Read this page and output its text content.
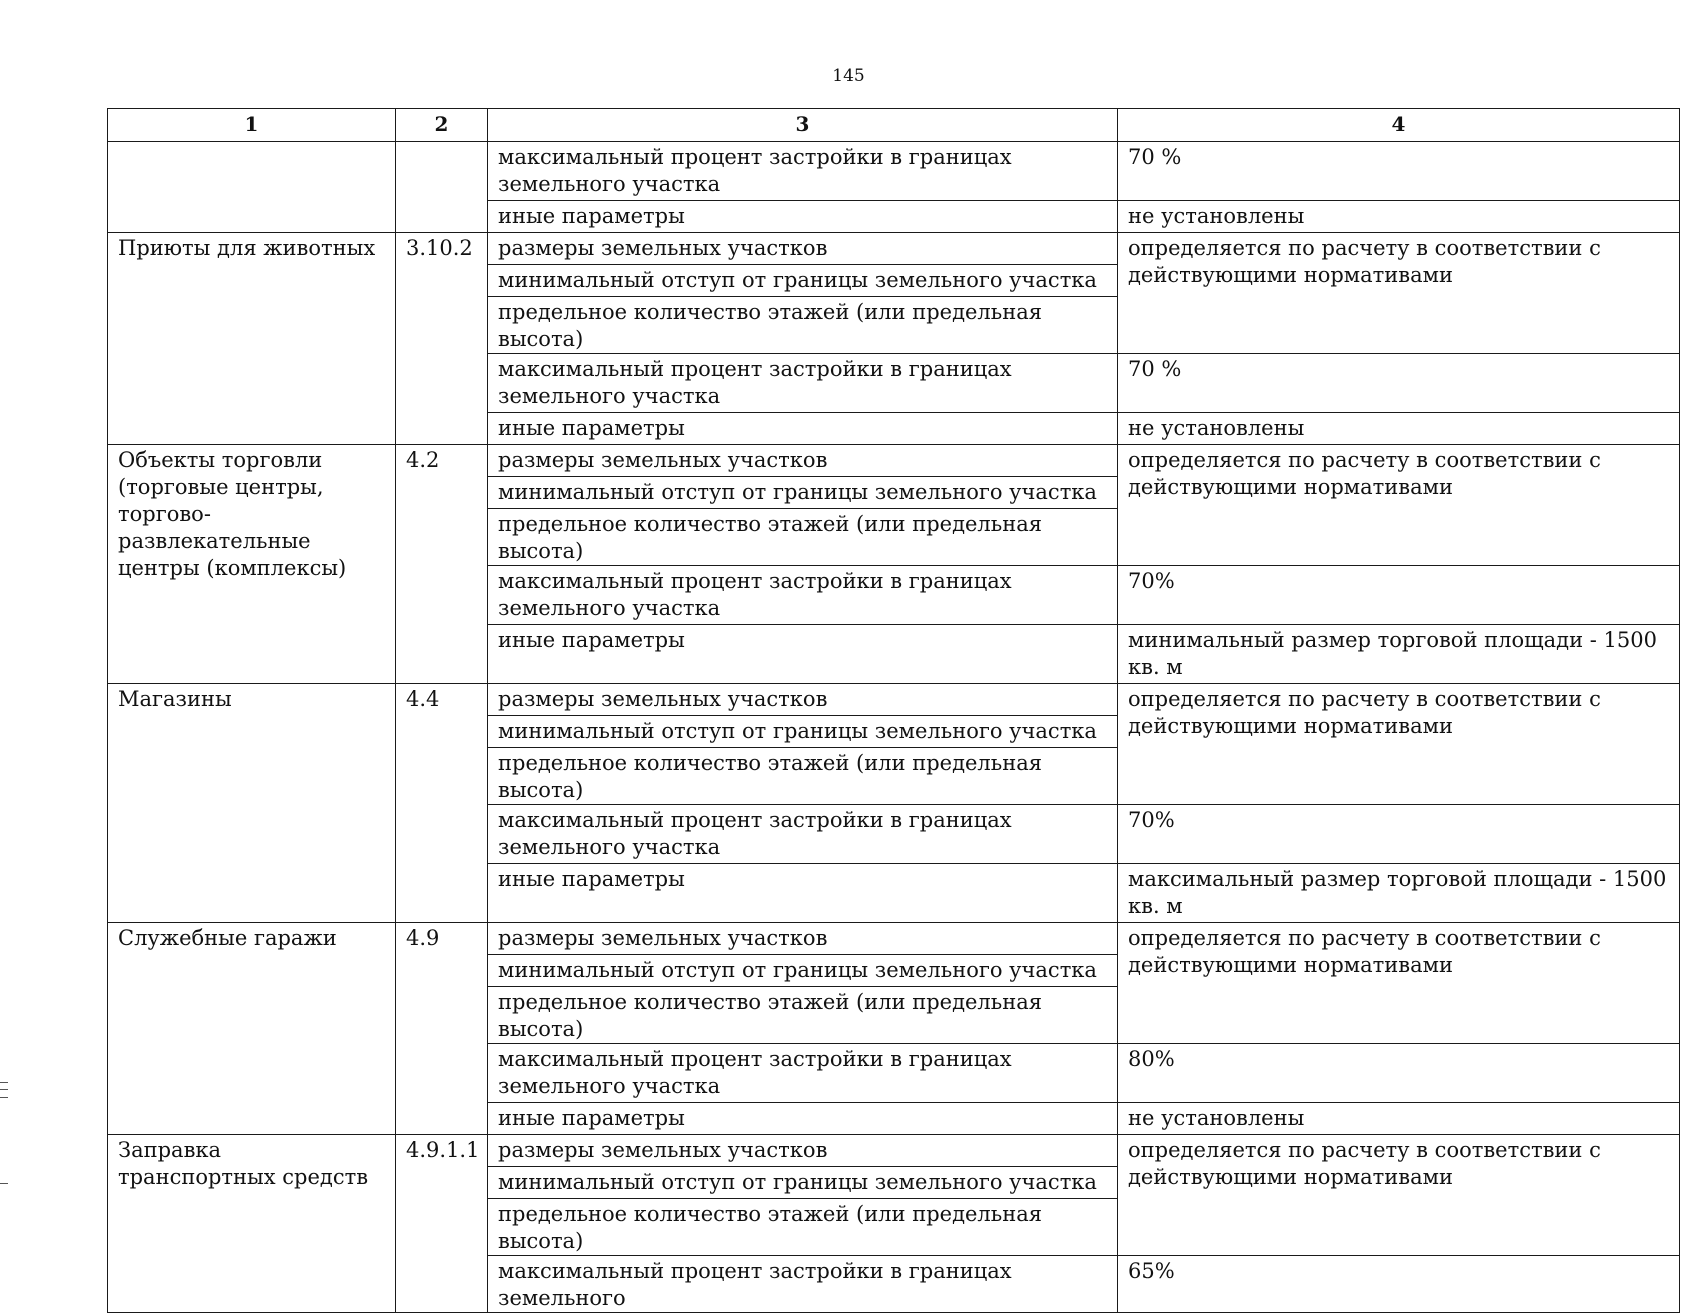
145
1	2	3	4
		максимальный процент застройки в границах земельного участка	70 %
		иные параметры	не установлены
Приюты для животных	3.10.2	размеры земельных участков	определяется по расчету в соответствии с действующими нормативами
		минимальный отступ от границы земельного участка	
		предельное количество этажей (или предельная высота)	
		максимальный процент застройки в границах земельного участка	70 %
		иные параметры	не установлены
Объекты торговли (торговые центры, торгово-развлекательные центры (комплексы)	4.2	размеры земельных участков	определяется по расчету в соответствии с действующими нормативами
		минимальный отступ от границы земельного участка	
		предельное количество этажей (или предельная высота)	
		максимальный процент застройки в границах земельного участка	70%
		иные параметры	минимальный размер торговой площади - 1500 кв. м
Магазины	4.4	размеры земельных участков	определяется по расчету в соответствии с действующими нормативами
		минимальный отступ от границы земельного участка	
		предельное количество этажей (или предельная высота)	
		максимальный процент застройки в границах земельного участка	70%
		иные параметры	максимальный размер торговой площади - 1500 кв. м
Служебные гаражи	4.9	размеры земельных участков	определяется по расчету в соответствии с действующими нормативами
		минимальный отступ от границы земельного участка	
		предельное количество этажей (или предельная высота)	
		максимальный процент застройки в границах земельного участка	80%
		иные параметры	не установлены
Заправка транспортных средств	4.9.1.1	размеры земельных участков	определяется по расчету в соответствии с действующими нормативами
		минимальный отступ от границы земельного участка	
		предельное количество этажей (или предельная высота)	
		максимальный процент застройки в границах земельного	65%
